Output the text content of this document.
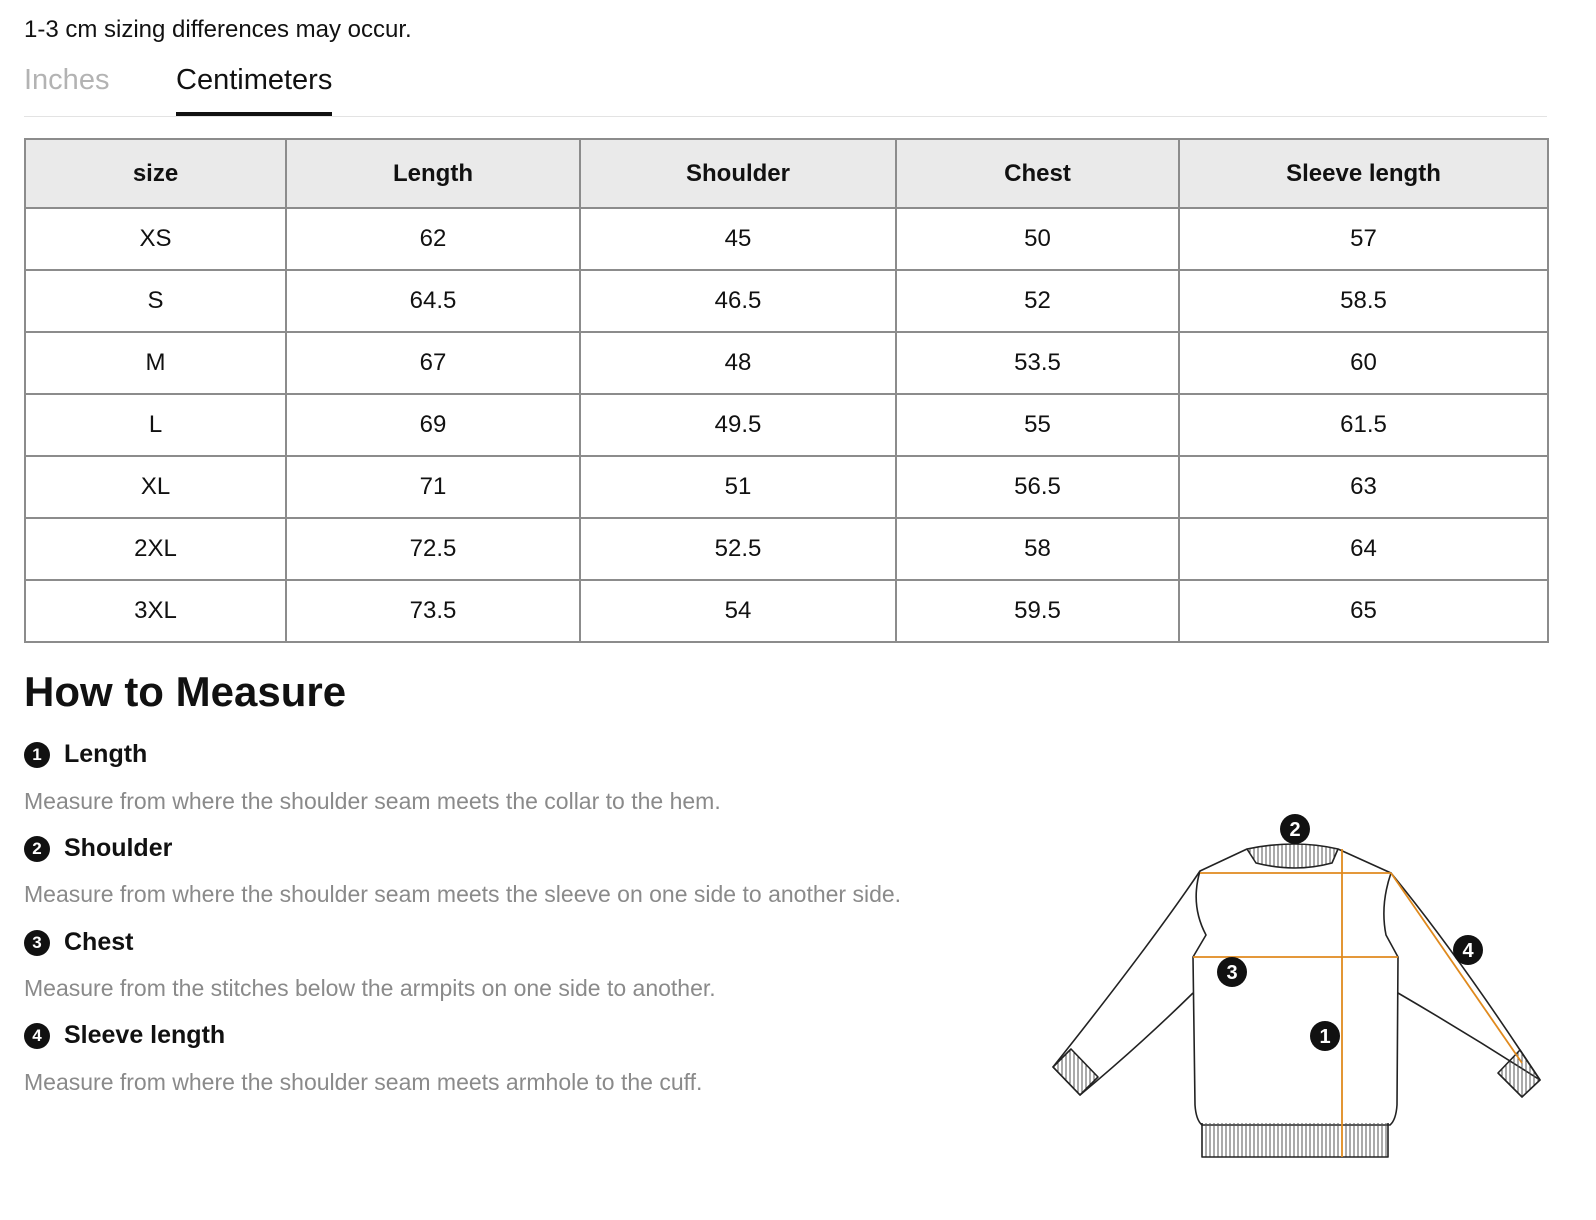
1-3 cm sizing differences may occur.
Inches Centimeters
size	Length	Shoulder	Chest	Sleeve length
XS	62	45	50	57
S	64.5	46.5	52	58.5
M	67	48	53.5	60
L	69	49.5	55	61.5
XL	71	51	56.5	63
2XL	72.5	52.5	58	64
3XL	73.5	54	59.5	65
How to Measure
1 Length
Measure from where the shoulder seam meets the collar to the hem.
2 Shoulder
Measure from where the shoulder seam meets the sleeve on one side to another side.
3 Chest
Measure from the stitches below the armpits on one side to another.
4 Sleeve length
Measure from where the shoulder seam meets armhole to the cuff.
1
2
3
4
